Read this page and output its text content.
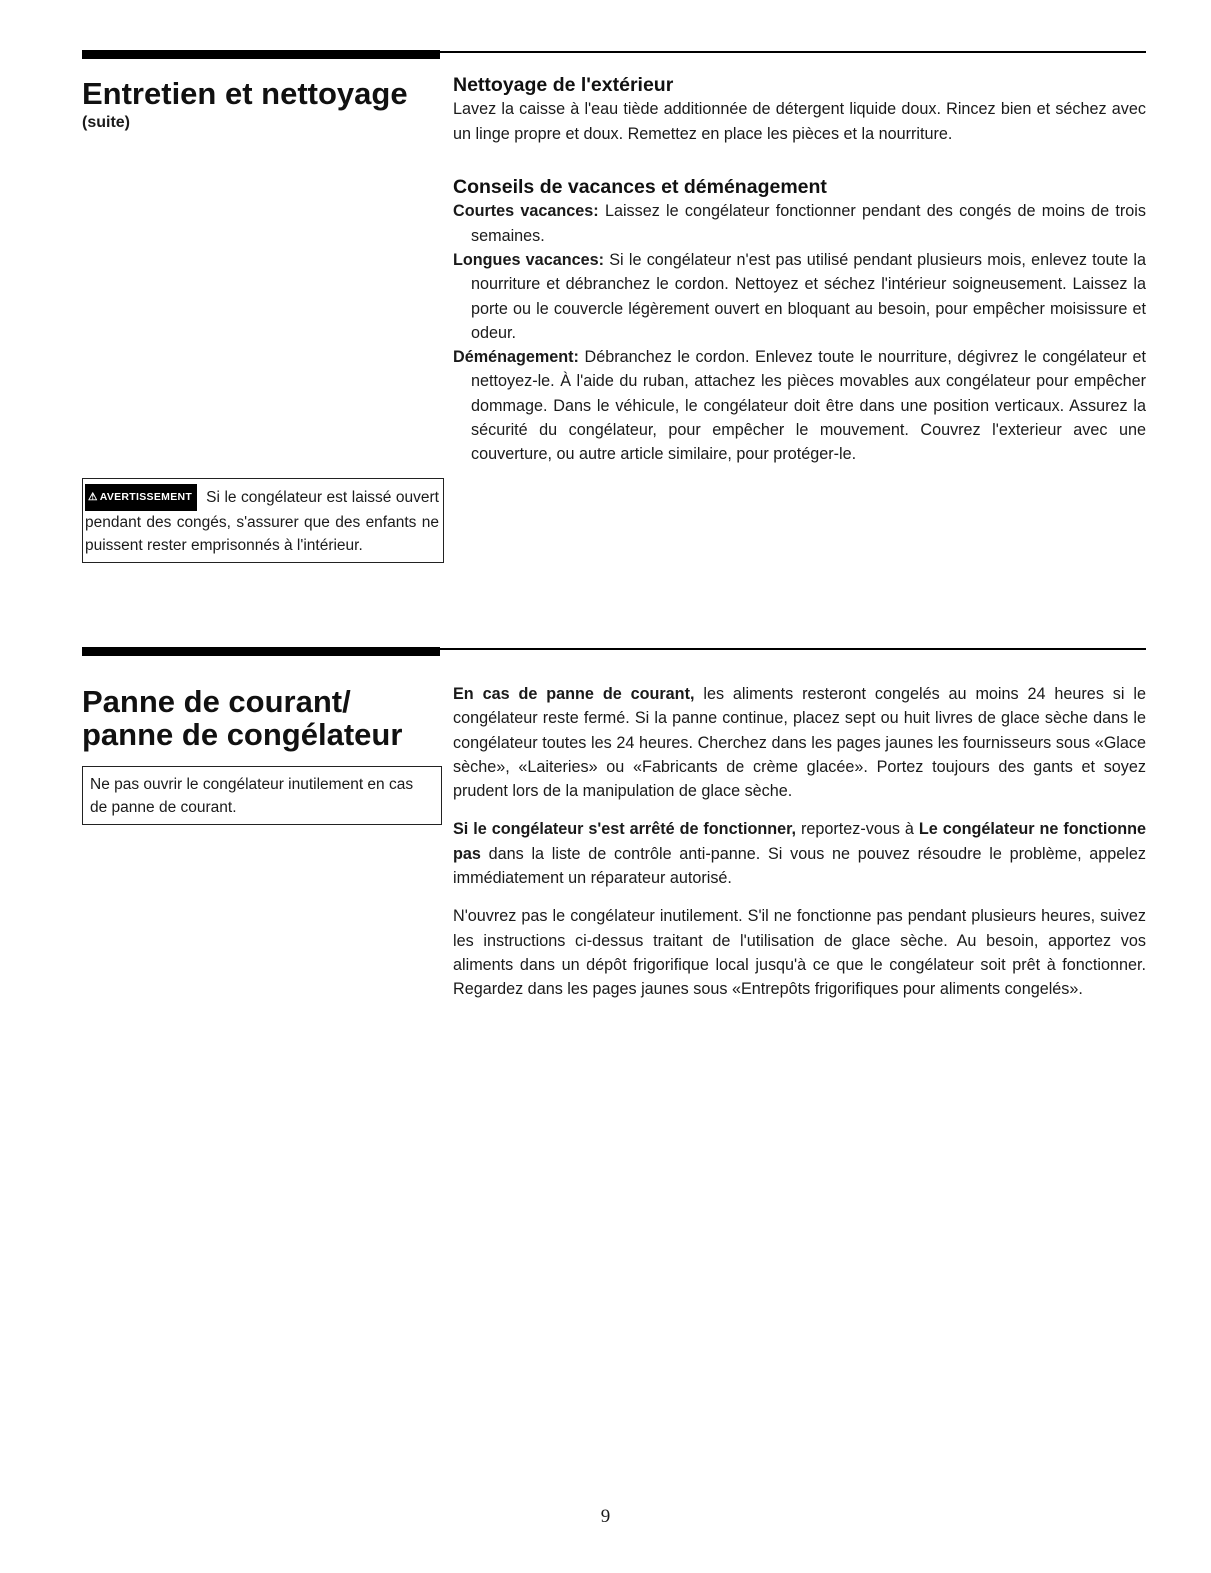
Entretien et nettoyage
(suite)

⚠ AVERTISSEMENT Si le congélateur est laissé ouvert pendant des congés, s'assurer que des enfants ne puissent rester emprisonnés à l'intérieur.

Nettoyage de l'extérieur

Lavez la caisse à l'eau tiède additionnée de détergent liquide doux. Rincez bien et séchez avec un linge propre et doux. Remettez en place les pièces et la nourriture.

Conseils de vacances et déménagement

Courtes vacances: Laissez le congélateur fonctionner pendant des congés de moins de trois semaines.

Longues vacances: Si le congélateur n'est pas utilisé pendant plusieurs mois, enlevez toute la nourriture et débranchez le cordon. Nettoyez et séchez l'intérieur soigneusement. Laissez la porte ou le couvercle légèrement ouvert en bloquant au besoin, pour empêcher moisissure et odeur.

Déménagement: Débranchez le cordon. Enlevez toute le nourriture, dégivrez le congélateur et nettoyez-le. À l'aide du ruban, attachez les pièces movables aux congélateur pour empêcher dommage. Dans le véhicule, le congélateur doit être dans une position verticaux. Assurez la sécurité du congélateur, pour empêcher le mouvement. Couvrez l'exterieur avec une couverture, ou autre article similaire, pour protéger-le.

Panne de courant/
panne de congélateur

Ne pas ouvrir le congélateur inutilement en cas de panne de courant.

En cas de panne de courant, les aliments resteront congelés au moins 24 heures si le congélateur reste fermé. Si la panne continue, placez sept ou huit livres de glace sèche dans le congélateur toutes les 24 heures. Cherchez dans les pages jaunes les fournisseurs sous «Glace sèche», «Laiteries» ou «Fabricants de crème glacée». Portez toujours des gants et soyez prudent lors de la manipulation de glace sèche.

Si le congélateur s'est arrêté de fonctionner, reportez-vous à Le congélateur ne fonctionne pas dans la liste de contrôle anti-panne. Si vous ne pouvez résoudre le problème, appelez immédiatement un réparateur autorisé.

N'ouvrez pas le congélateur inutilement. S'il ne fonctionne pas pendant plusieurs heures, suivez les instructions ci-dessus traitant de l'utilisation de glace sèche. Au besoin, apportez vos aliments dans un dépôt frigorifique local jusqu'à ce que le congélateur soit prêt à fonctionner. Regardez dans les pages jaunes sous «Entrepôts frigorifiques pour aliments congelés».

9
